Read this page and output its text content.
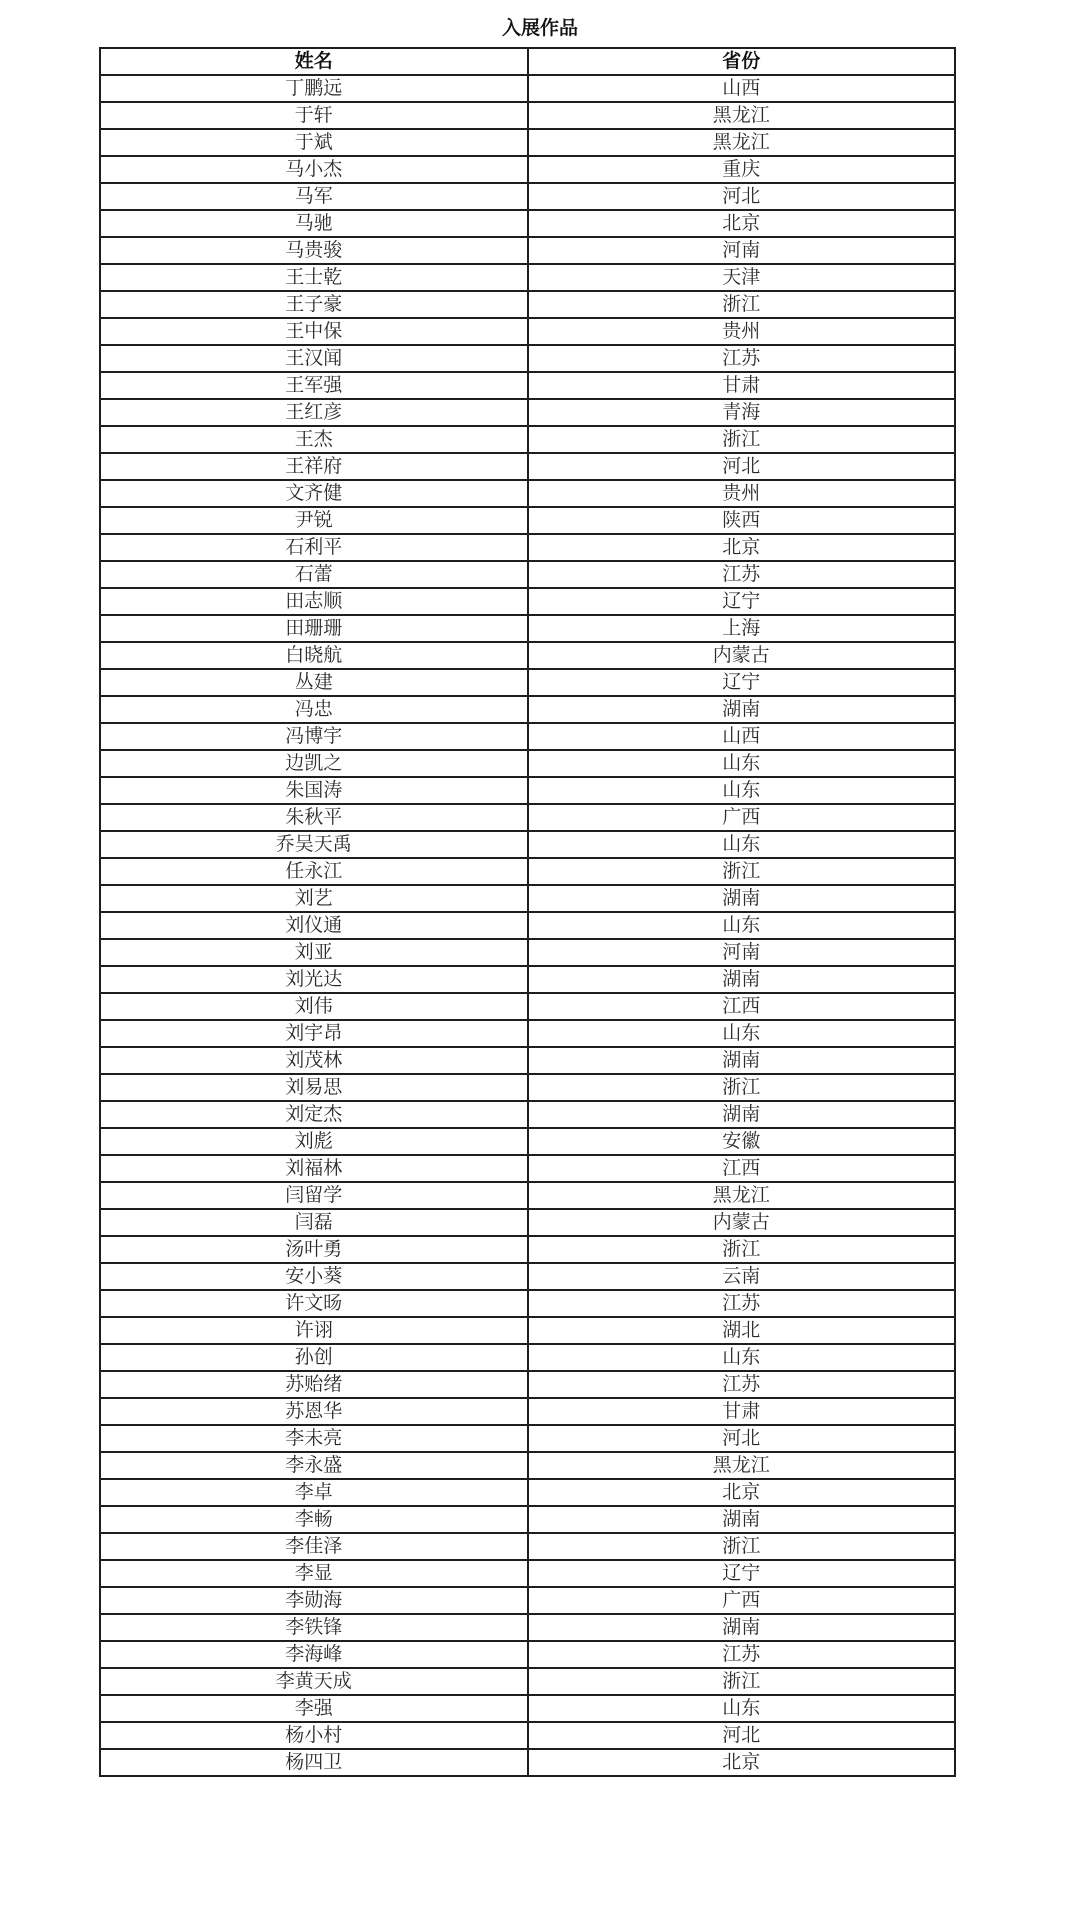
入展作品
姓名	省份
丁鹏远	山西
于轩	黑龙江
于斌	黑龙江
马小杰	重庆
马军	河北
马驰	北京
马贵骏	河南
王士乾	天津
王子豪	浙江
王中保	贵州
王汉闻	江苏
王军强	甘肃
王红彦	青海
王杰	浙江
王祥府	河北
文齐健	贵州
尹锐	陕西
石利平	北京
石蕾	江苏
田志顺	辽宁
田珊珊	上海
白晓航	内蒙古
丛建	辽宁
冯忠	湖南
冯博宇	山西
边凯之	山东
朱国涛	山东
朱秋平	广西
乔吴天禹	山东
任永江	浙江
刘艺	湖南
刘仪通	山东
刘亚	河南
刘光达	湖南
刘伟	江西
刘宇昂	山东
刘茂林	湖南
刘易思	浙江
刘定杰	湖南
刘彪	安徽
刘福林	江西
闫留学	黑龙江
闫磊	内蒙古
汤叶勇	浙江
安小葵	云南
许文旸	江苏
许诩	湖北
孙创	山东
苏贻绪	江苏
苏恩华	甘肃
李未亮	河北
李永盛	黑龙江
李卓	北京
李畅	湖南
李佳泽	浙江
李显	辽宁
李勋海	广西
李铁锋	湖南
李海峰	江苏
李黄天成	浙江
李强	山东
杨小村	河北
杨四卫	北京
